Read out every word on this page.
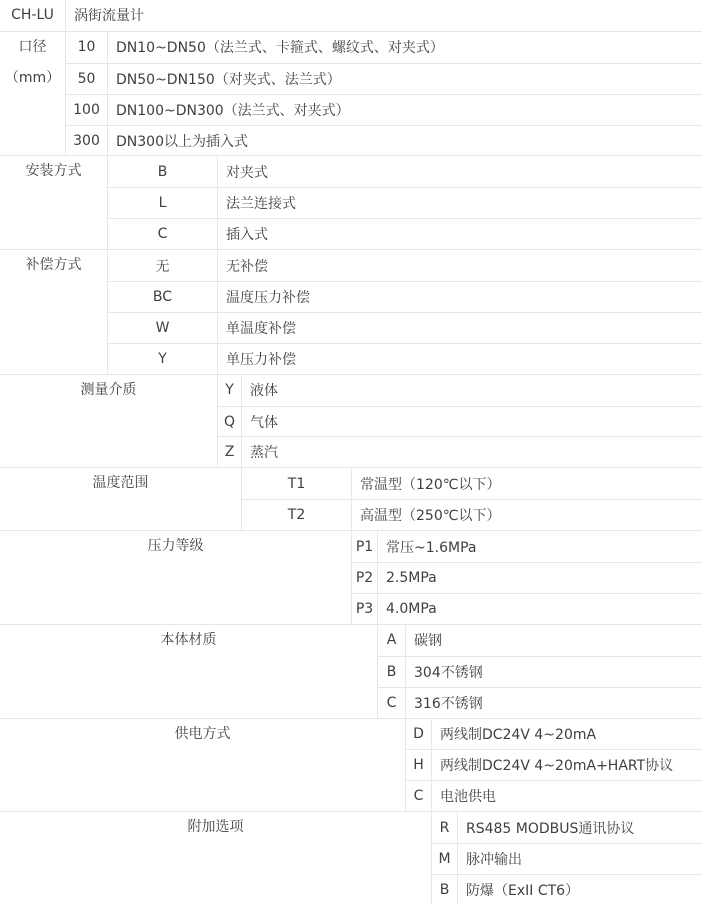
CH-LU	涡街流量计
口径
（mm）
10	DN10~DN50（法兰式、卡箍式、螺纹式、对夹式）
50	DN50~DN150（对夹式、法兰式）
100	DN100~DN300（法兰式、对夹式）
300	DN300以上为插入式
安装方式	B	对夹式
L	法兰连接式
C	插入式
补偿方式	无	无补偿
BC	温度压力补偿
W	单温度补偿
Y	单压力补偿
测量介质	Y	液体
Q	气体
Z	蒸汽
温度范围	T1	常温型（120℃以下）
T2	高温型（250℃以下）
压力等级	P1 常压~1.6MPa
P2 2.5MPa
P3 4.0MPa
本体材质	A	碳钢
B	304不锈钢
C	316不锈钢
供电方式	D	两线制DC24V 4~20mA
H	两线制DC24V 4~20mA+HART协议
C	电池供电
附加选项	R	RS485 MODBUS通讯协议
M	脉冲输出
B	防爆（ExII CT6）
